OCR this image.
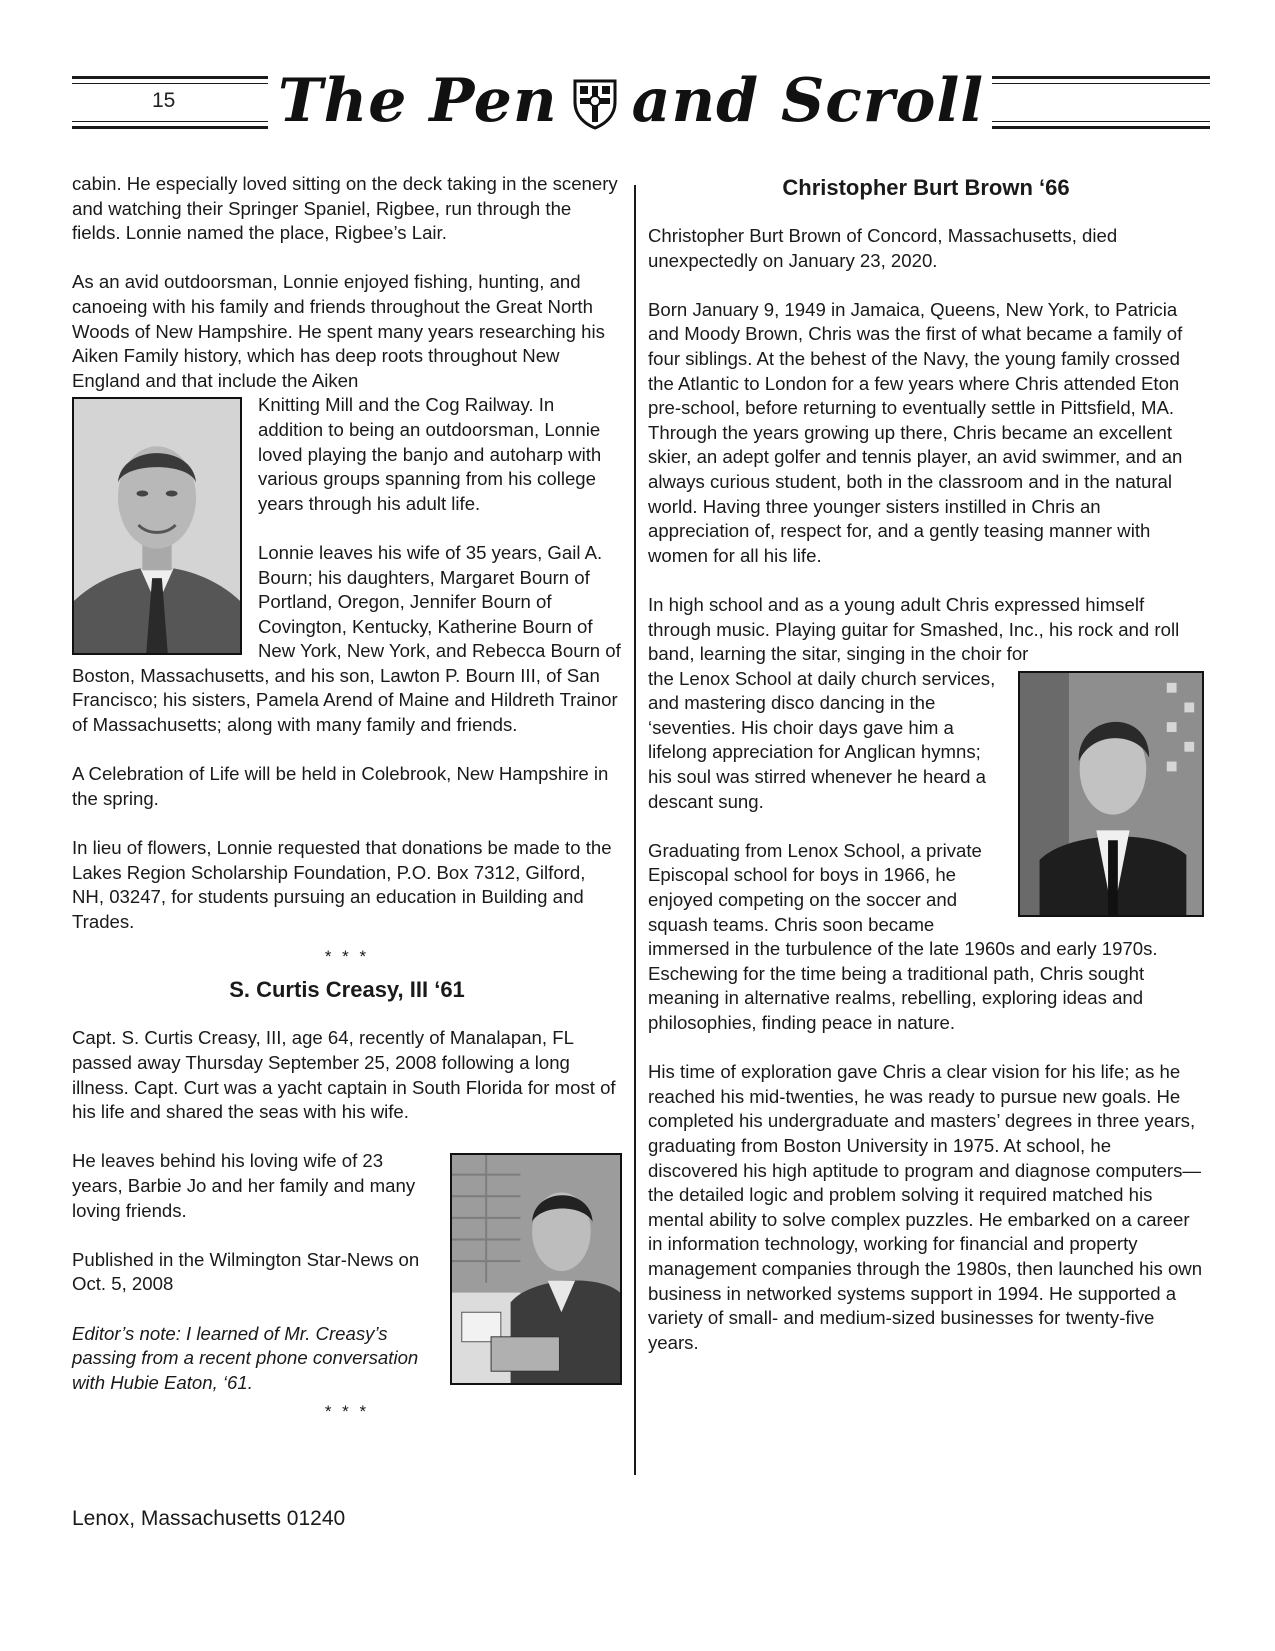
15 The Pen and Scroll

cabin. He especially loved sitting on the deck taking in the scenery and watching their Springer Spaniel, Rigbee, run through the fields. Lonnie named the place, Rigbee’s Lair.

As an avid outdoorsman, Lonnie enjoyed fishing, hunting, and canoeing with his family and friends throughout the Great North Woods of New Hampshire. He spent many years researching his Aiken Family history, which has deep roots throughout New England and that include the Aiken

Knitting Mill and the Cog Railway. In addition to being an outdoorsman, Lonnie loved playing the banjo and autoharp with various groups spanning from his college years through his adult life.

Lonnie leaves his wife of 35 years, Gail A. Bourn; his daughters, Margaret Bourn of Portland, Oregon, Jennifer Bourn of Covington, Kentucky, Katherine Bourn of New York, New York, and Rebecca Bourn of Boston, Massachusetts, and his son, Lawton P. Bourn III, of San Francisco; his sisters, Pamela Arend of Maine and Hildreth Trainor of Massachusetts; along with many family and friends.

A Celebration of Life will be held in Colebrook, New Hampshire in the spring.

In lieu of flowers, Lonnie requested that donations be made to the Lakes Region Scholarship Foundation, P.O. Box 7312, Gilford, NH, 03247, for students pursuing an education in Building and Trades.

* * *
S. Curtis Creasy, III ‘61

Capt. S. Curtis Creasy, III, age 64, recently of Manalapan, FL passed away Thursday September 25, 2008 following a long illness. Capt. Curt was a yacht captain in South Florida for most of his life and shared the seas with his wife.

He leaves behind his loving wife of 23 years, Barbie Jo and her family and many loving friends.

Published in the Wilmington Star-News on Oct. 5, 2008

Editor’s note: I learned of Mr. Creasy’s passing from a recent phone conversation with Hubie Eaton, ‘61.

* * *
Christopher Burt Brown ‘66

Christopher Burt Brown of Concord, Massachusetts, died unexpectedly on January 23, 2020.

Born January 9, 1949 in Jamaica, Queens, New York, to Patricia and Moody Brown, Chris was the first of what became a family of four siblings. At the behest of the Navy, the young family crossed the Atlantic to London for a few years where Chris attended Eton pre-school, before returning to eventually settle in Pittsfield, MA. Through the years growing up there, Chris became an excellent skier, an adept golfer and tennis player, an avid swimmer, and an always curious student, both in the classroom and in the natural world. Having three younger sisters instilled in Chris an appreciation of, respect for, and a gently teasing manner with women for all his life.

In high school and as a young adult Chris expressed himself through music. Playing guitar for Smashed, Inc., his rock and roll band, learning the sitar, singing in the choir for

the Lenox School at daily church services, and mastering disco dancing in the ‘seventies. His choir days gave him a lifelong appreciation for Anglican hymns; his soul was stirred whenever he heard a descant sung.

Graduating from Lenox School, a private Episcopal school for boys in 1966, he enjoyed competing on the soccer and squash teams. Chris soon became immersed in the turbulence of the late 1960s and early 1970s. Eschewing for the time being a traditional path, Chris sought meaning in alternative realms, rebelling, exploring ideas and philosophies, finding peace in nature.

His time of exploration gave Chris a clear vision for his life; as he reached his mid-twenties, he was ready to pursue new goals. He completed his undergraduate and masters’ degrees in three years, graduating from Boston University in 1975. At school, he discovered his high aptitude to program and diagnose computers—the detailed logic and problem solving it required matched his mental ability to solve complex puzzles. He embarked on a career in information technology, working for financial and property management companies through the 1980s, then launched his own business in networked systems support in 1994. He supported a variety of small- and medium-sized businesses for twenty-five years.

Lenox, Massachusetts 01240
